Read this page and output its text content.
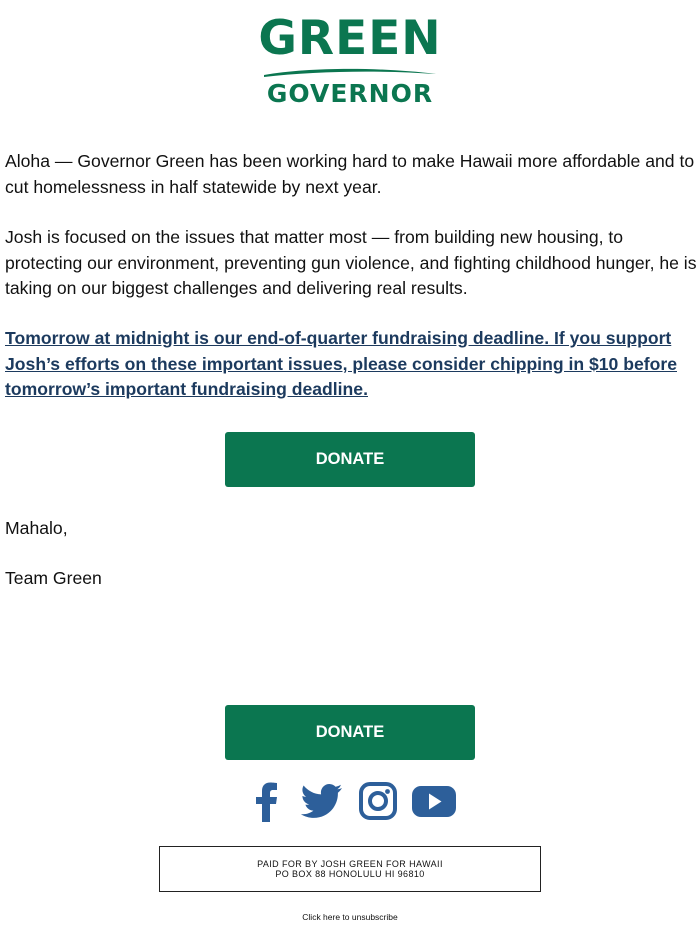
GREEN
GOVERNOR

Aloha — Governor Green has been working hard to make Hawaii more affordable and to cut homelessness in half statewide by next year.

Josh is focused on the issues that matter most — from building new housing, to protecting our environment, preventing gun violence, and fighting childhood hunger, he is taking on our biggest challenges and delivering real results.

Tomorrow at midnight is our end-of-quarter fundraising deadline. If you support Josh’s efforts on these important issues, please consider chipping in $10 before tomorrow’s important fundraising deadline.

DONATE

Mahalo,

Team Green

DONATE
PAID FOR BY JOSH GREEN FOR HAWAII
PO BOX 88 HONOLULU HI 96810
Click here to unsubscribe
